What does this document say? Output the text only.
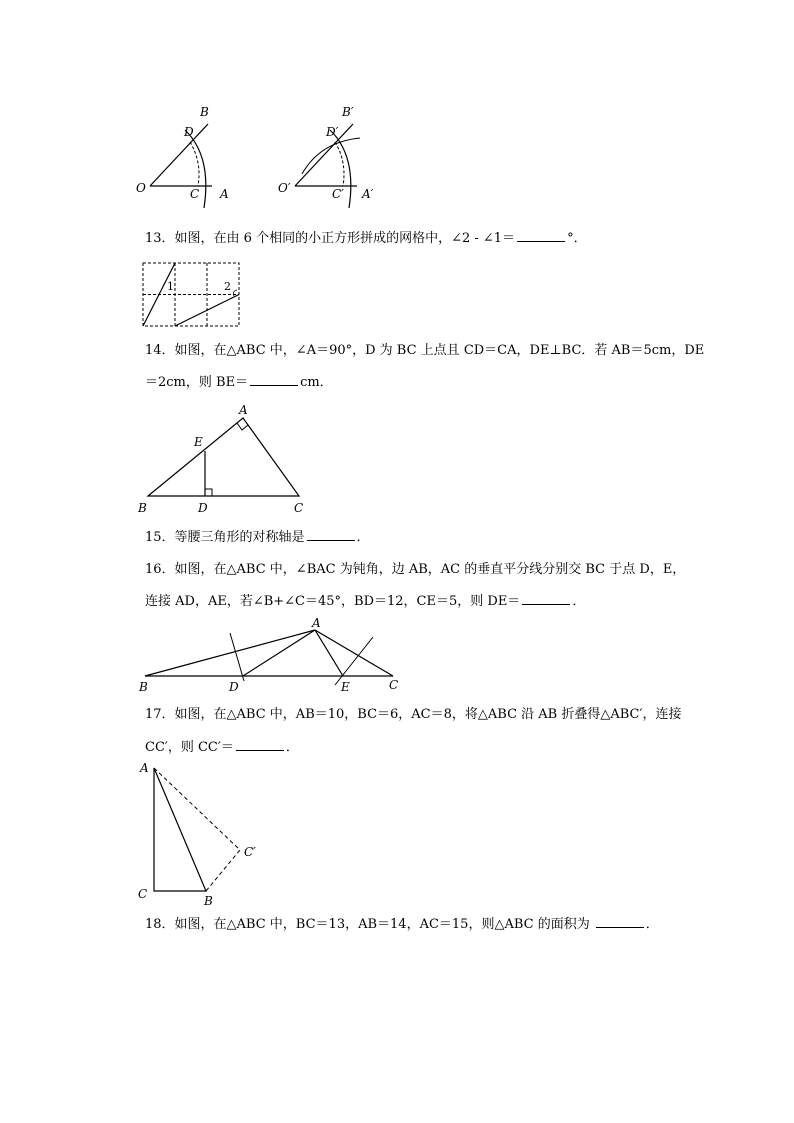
O	C A
D
B
O′	C′ A′
D′
B′
13．如图，在由 6 个相同的小正方形拼成的网格中，∠2 - ∠1＝	°．
1	2
14．如图，在△ABC 中，∠A＝90°，D 为 BC 上点且 CD＝CA，DE⊥BC．若 AB＝5cm，DE
＝2cm，则 BE＝	cm．
A
B	C
D
E
15．等腰三角形的对称轴是	．
16．如图，在△ABC 中，∠BAC 为钝角，边 AB，AC 的垂直平分线分别交 BC 于点 D，E，
连接 AD，AE，若∠B+∠C＝45°，BD＝12，CE＝5，则 DE＝	．
A
B	C
D	E
17．如图，在△ABC 中，AB＝10，BC＝6，AC＝8，将△ABC 沿 AB 折叠得△ABC′，连接
CC′，则 CC′＝	．
A
C	B
C′
18．如图，在△ABC 中，BC＝13，AB＝14，AC＝15，则△ABC 的面积为	．
